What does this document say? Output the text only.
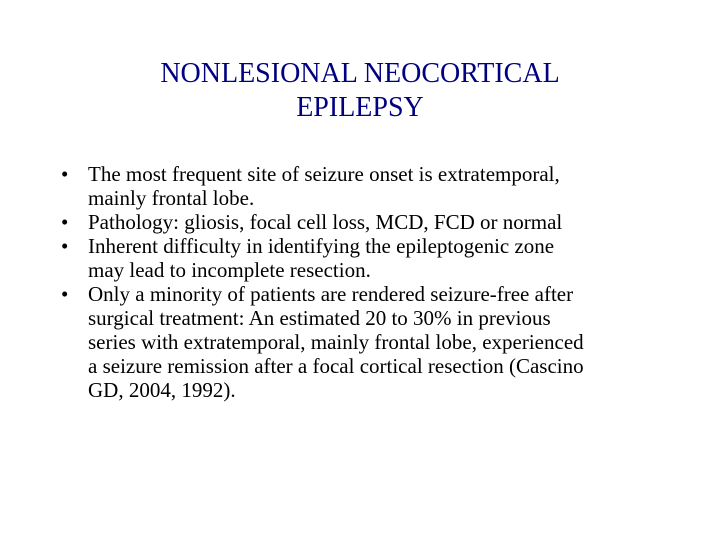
NONLESIONAL NEOCORTICAL
EPILEPSY
• The most frequent site of seizure onset is extratemporal,
mainly frontal lobe.
• Pathology: gliosis, focal cell loss, MCD, FCD or normal
• Inherent difficulty in identifying the epileptogenic zone
may lead to incomplete resection.
• Only a minority of patients are rendered seizure-free after
surgical treatment: An estimated 20 to 30% in previous
series with extratemporal, mainly frontal lobe, experienced
a seizure remission after a focal cortical resection (Cascino
GD, 2004, 1992).
